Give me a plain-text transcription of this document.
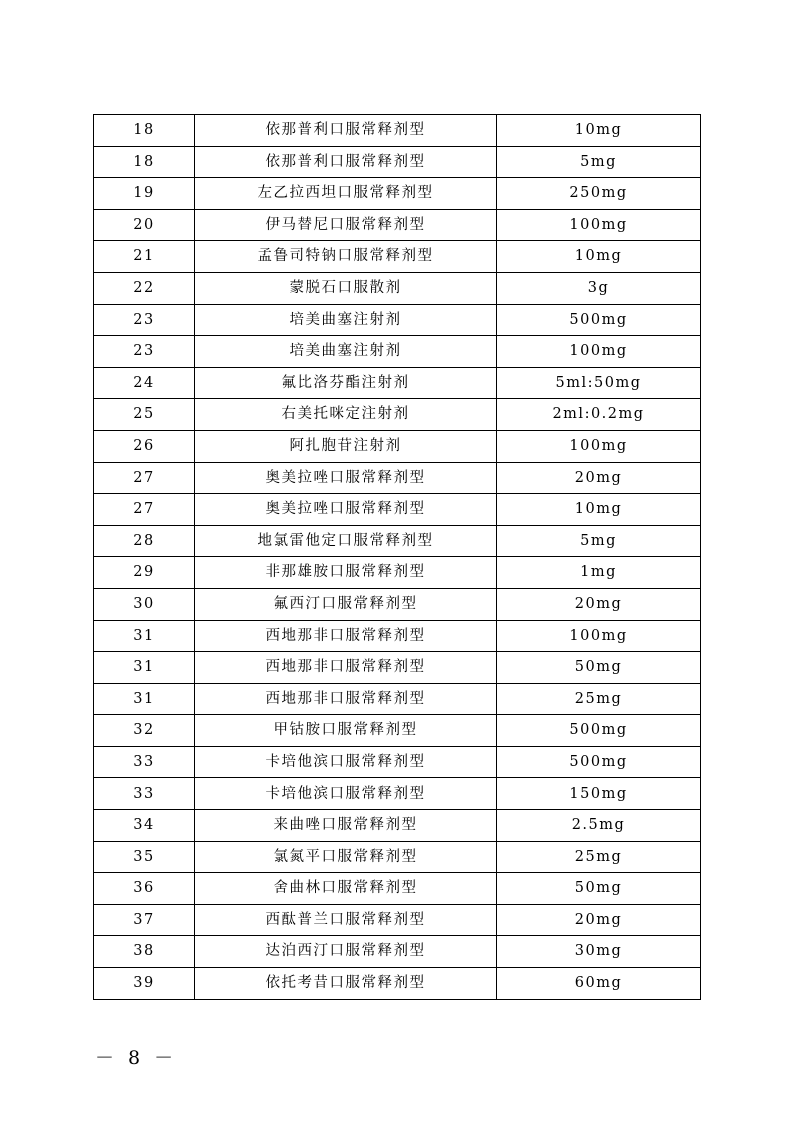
18	依那普利口服常释剂型	10mg
18	依那普利口服常释剂型	5mg
19	左乙拉西坦口服常释剂型	250mg
20	伊马替尼口服常释剂型	100mg
21	孟鲁司特钠口服常释剂型	10mg
22	蒙脱石口服散剂	3g
23	培美曲塞注射剂	500mg
23	培美曲塞注射剂	100mg
24	氟比洛芬酯注射剂	5ml:50mg
25	右美托咪定注射剂	2ml:0.2mg
26	阿扎胞苷注射剂	100mg
27	奥美拉唑口服常释剂型	20mg
27	奥美拉唑口服常释剂型	10mg
28	地氯雷他定口服常释剂型	5mg
29	非那雄胺口服常释剂型	1mg
30	氟西汀口服常释剂型	20mg
31	西地那非口服常释剂型	100mg
31	西地那非口服常释剂型	50mg
31	西地那非口服常释剂型	25mg
32	甲钴胺口服常释剂型	500mg
33	卡培他滨口服常释剂型	500mg
33	卡培他滨口服常释剂型	150mg
34	来曲唑口服常释剂型	2.5mg
35	氯氮平口服常释剂型	25mg
36	舍曲林口服常释剂型	50mg
37	西酞普兰口服常释剂型	20mg
38	达泊西汀口服常释剂型	30mg
39	依托考昔口服常释剂型	60mg
－ 8 －
